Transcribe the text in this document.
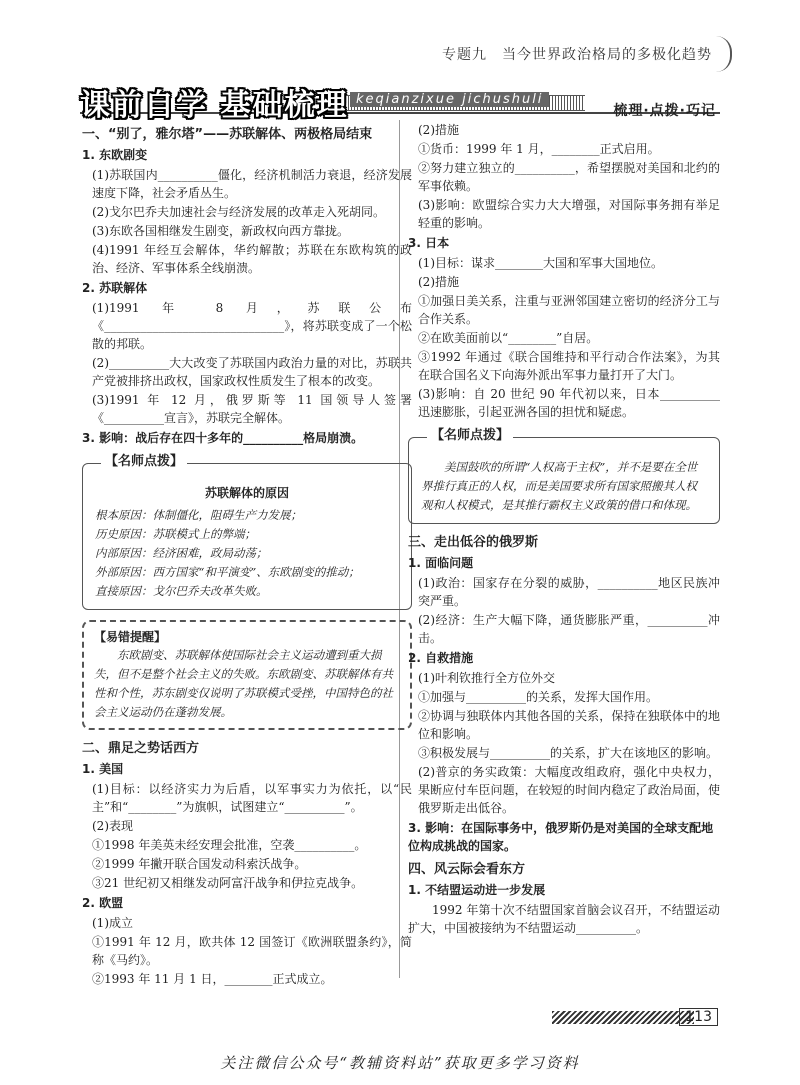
专题九　当今世界政治格局的多极化趋势
课前自学 基础梳理 keqianzixue jichushuli
梳理·点拨·巧记
一、“别了，雅尔塔”——苏联解体、两极格局结束
1. 东欧剧变
(1)苏联国内__________僵化，经济机制活力衰退，经济发展速度下降，社会矛盾丛生。
(2)戈尔巴乔夫加速社会与经济发展的改革走入死胡同。
(3)东欧各国相继发生剧变，新政权向西方靠拢。
(4)1991 年经互会解体，华约解散；苏联在东欧构筑的政治、经济、军事体系全线崩溃。
2. 苏联解体
(1)1991 年 8 月，苏联公布《______________________________》，将苏联变成了一个松散的邦联。
(2)__________大大改变了苏联国内政治力量的对比，苏联共产党被排挤出政权，国家政权性质发生了根本的改变。
(3)1991 年 12 月，俄罗斯等 11 国领导人签署《__________宣言》，苏联完全解体。
3. 影响：战后存在四十多年的__________格局崩溃。
【名师点拨】
苏联解体的原因
根本原因：体制僵化，阻碍生产力发展；
历史原因：苏联模式上的弊端；
内部原因：经济困难，政局动荡；
外部原因：西方国家“和平演变”、东欧剧变的推动；
直接原因：戈尔巴乔夫改革失败。
【易错提醒】
东欧剧变、苏联解体使国际社会主义运动遭到重大损失，但不是整个社会主义的失败。东欧剧变、苏联解体有共性和个性，苏东剧变仅说明了苏联模式受挫，中国特色的社会主义运动仍在蓬勃发展。
二、鼎足之势话西方
1. 美国
(1)目标：以经济实力为后盾，以军事实力为依托，以“民主”和“________”为旗帜，试图建立“__________”。
(2)表现
①1998 年美英未经安理会批准，空袭__________。
②1999 年撇开联合国发动科索沃战争。
③21 世纪初又相继发动阿富汗战争和伊拉克战争。
2. 欧盟
(1)成立
①1991 年 12 月，欧共体 12 国签订《欧洲联盟条约》，简称《马约》。
②1993 年 11 月 1 日，________正式成立。
(2)措施
①货币：1999 年 1 月，________正式启用。
②努力建立独立的__________，希望摆脱对美国和北约的军事依赖。
(3)影响：欧盟综合实力大大增强，对国际事务拥有举足轻重的影响。
3. 日本
(1)目标：谋求________大国和军事大国地位。
(2)措施
①加强日美关系，注重与亚洲邻国建立密切的经济分工与合作关系。
②在欧美面前以“________”自居。
③1992 年通过《联合国维持和平行动合作法案》，为其在联合国名义下向海外派出军事力量打开了大门。
(3)影响：自 20 世纪 90 年代初以来，日本__________迅速膨胀，引起亚洲各国的担忧和疑虑。
【名师点拨】
美国鼓吹的所谓“人权高于主权”，并不是要在全世界推行真正的人权，而是美国要求所有国家照搬其人权观和人权模式，是其推行霸权主义政策的借口和体现。
三、走出低谷的俄罗斯
1. 面临问题
(1)政治：国家存在分裂的威胁，__________地区民族冲突严重。
(2)经济：生产大幅下降，通货膨胀严重，__________冲击。
2. 自救措施
(1)叶利钦推行全方位外交
①加强与__________的关系，发挥大国作用。
②协调与独联体内其他各国的关系，保持在独联体中的地位和影响。
③积极发展与__________的关系，扩大在该地区的影响。
(2)普京的务实政策：大幅度改组政府，强化中央权力，果断应付车臣问题，在较短的时间内稳定了政治局面，使俄罗斯走出低谷。
3. 影响：在国际事务中，俄罗斯仍是对美国的全球支配地位构成挑战的国家。
四、风云际会看东方
1. 不结盟运动进一步发展
1992 年第十次不结盟国家首脑会议召开，不结盟运动扩大，中国被接纳为不结盟运动__________。
113
关注微信公众号“教辅资料站”获取更多学习资料
